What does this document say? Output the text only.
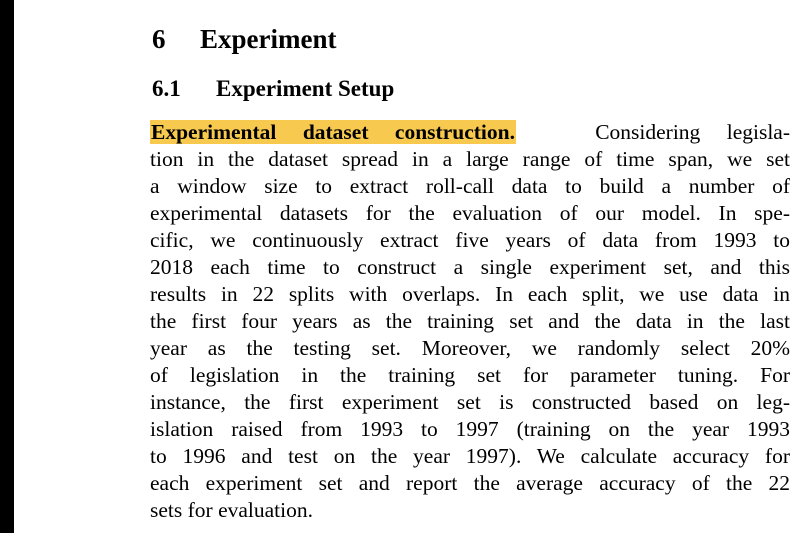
6 Experiment
6.1 Experiment Setup
Experimental dataset construction.	Considering legisla-
tion in the dataset spread in a large range of time span, we set
a window size to extract roll-call data to build a number of
experimental datasets for the evaluation of our model. In spe-
cific, we continuously extract five years of data from 1993 to
2018 each time to construct a single experiment set, and this
results in 22 splits with overlaps. In each split, we use data in
the first four years as the training set and the data in the last
year as the testing set. Moreover, we randomly select 20%
of legislation in the training set for parameter tuning. For
instance, the first experiment set is constructed based on leg-
islation raised from 1993 to 1997 (training on the year 1993
to 1996 and test on the year 1997). We calculate accuracy for
each experiment set and report the average accuracy of the 22
sets for evaluation.
